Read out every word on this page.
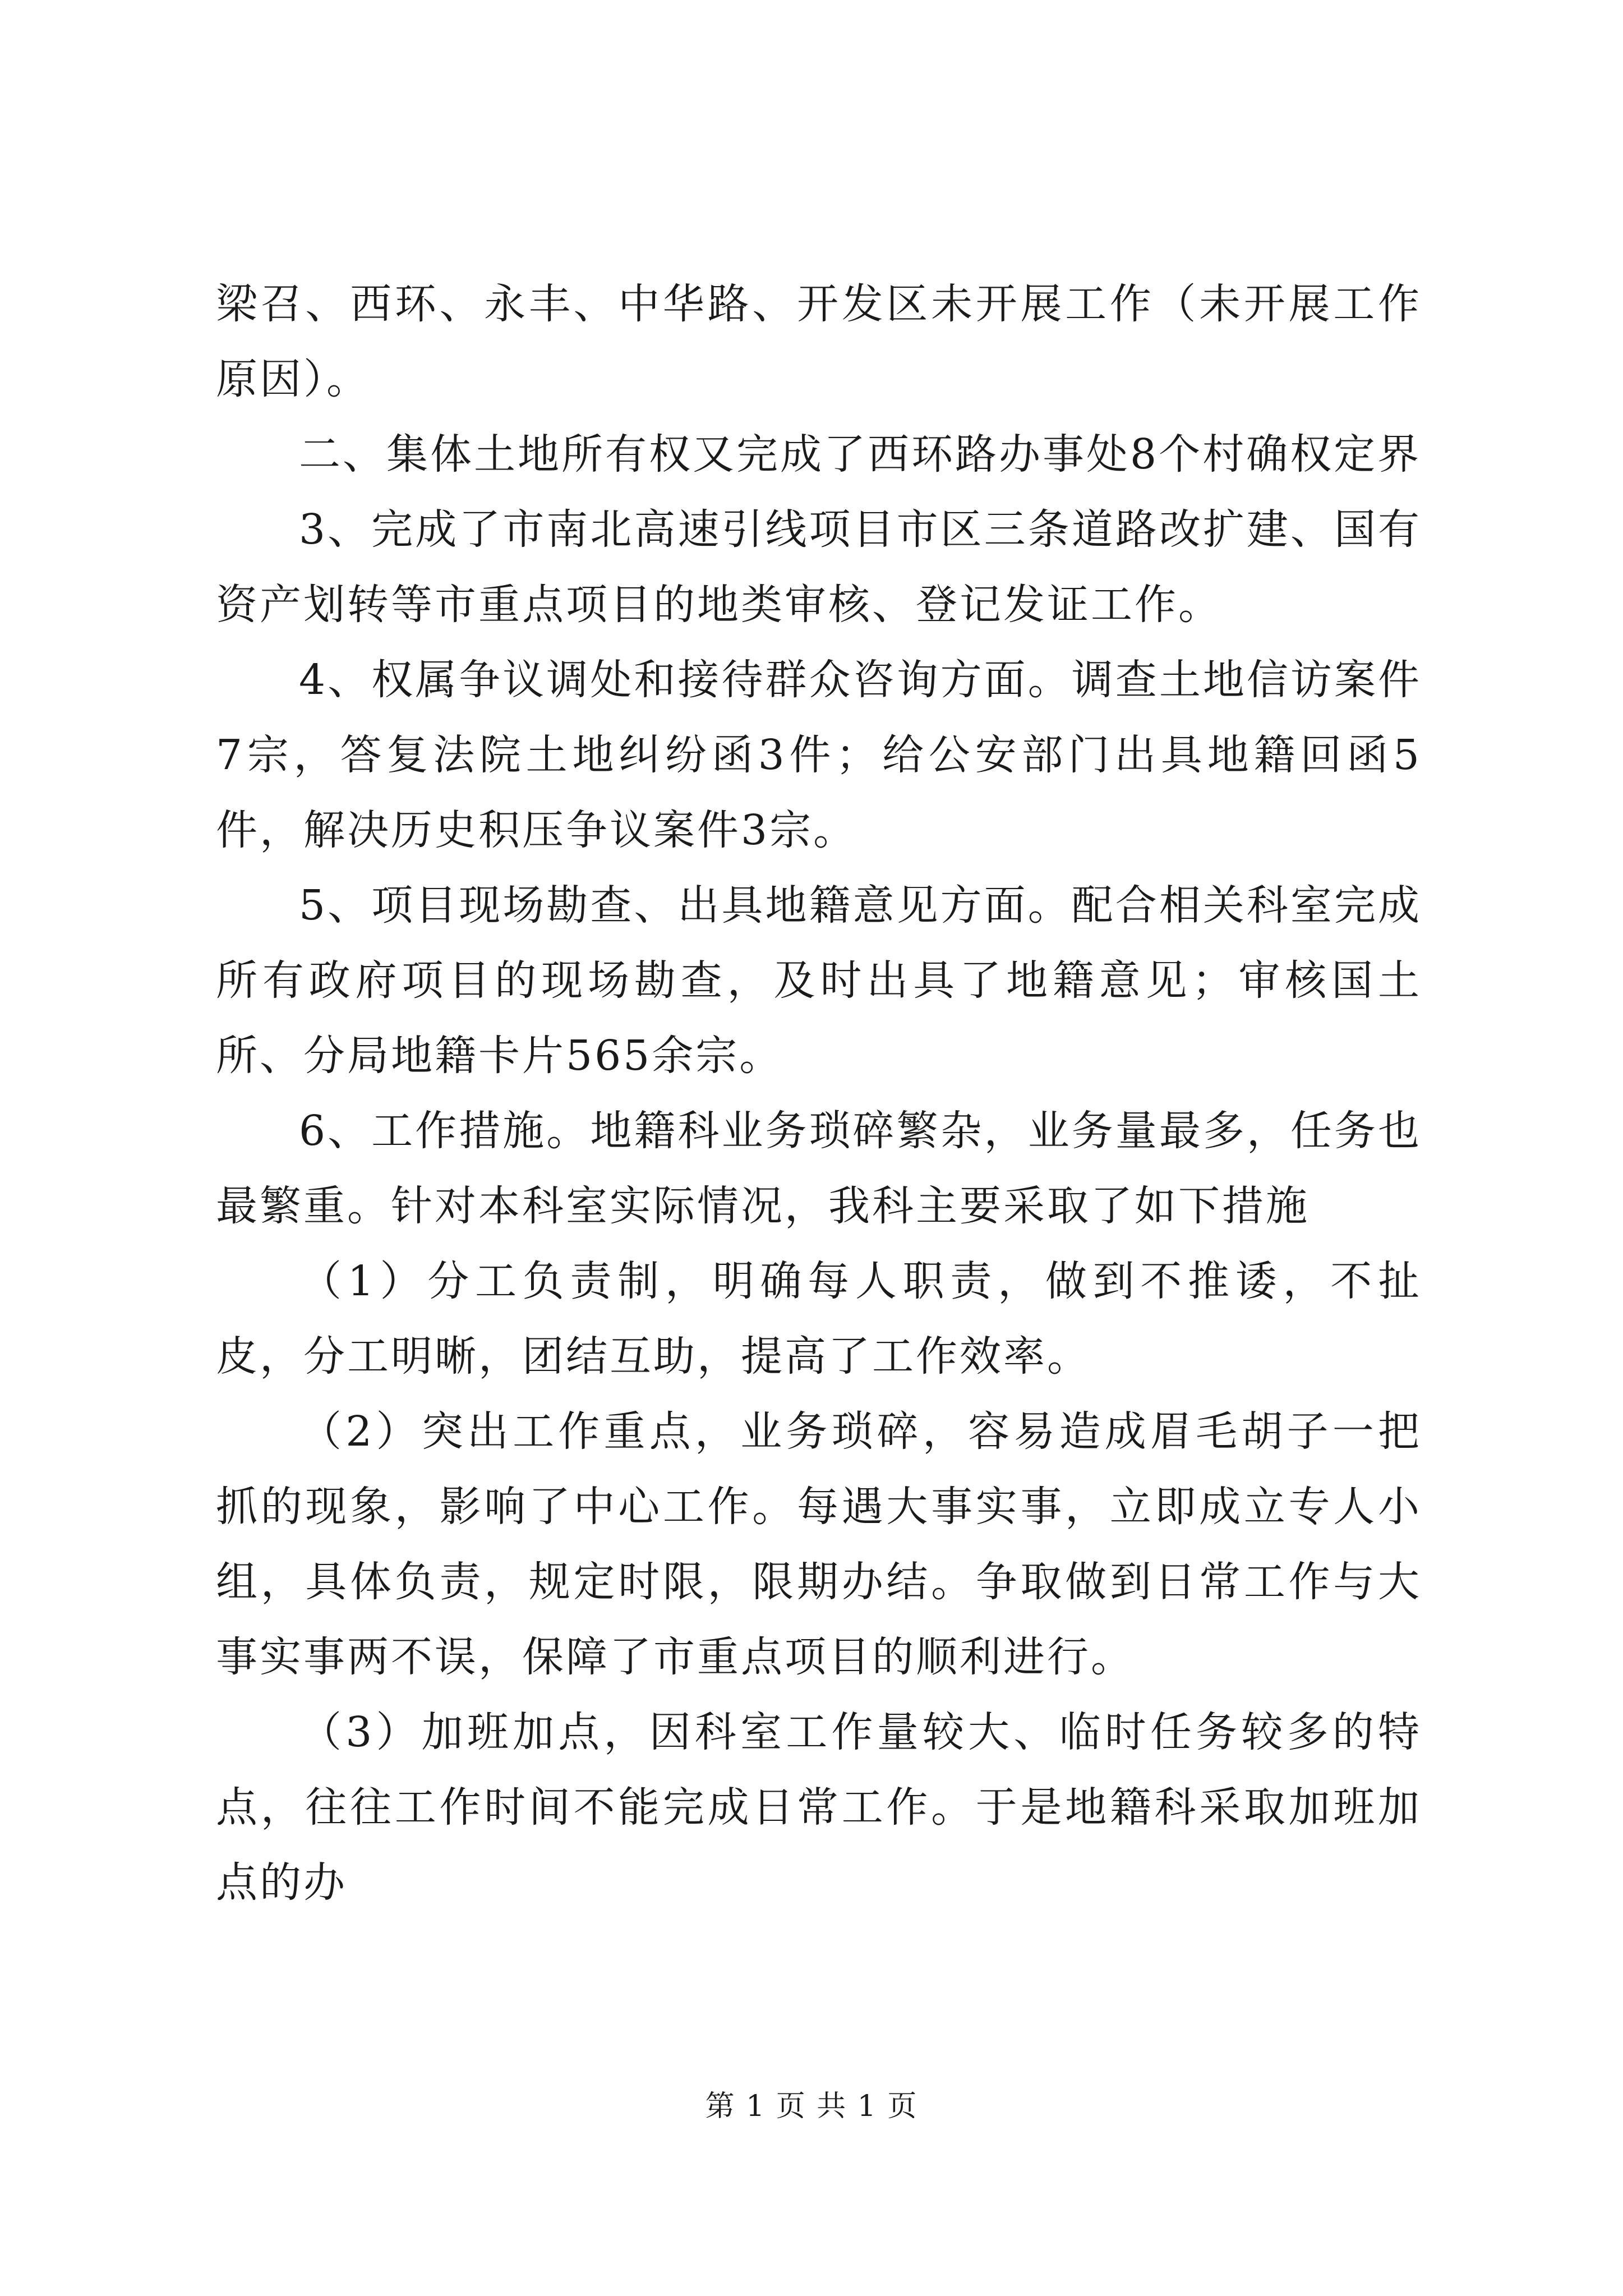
梁召、西环、永丰、中华路、开发区未开展工作（未开展工作原因）。

二、集体土地所有权又完成了西环路办事处8个村确权定界

3、完成了市南北高速引线项目市区三条道路改扩建、国有资产划转等市重点项目的地类审核、登记发证工作。

4、权属争议调处和接待群众咨询方面。调查土地信访案件7宗，答复法院土地纠纷函3件；给公安部门出具地籍回函5件，解决历史积压争议案件3宗。

5、项目现场勘查、出具地籍意见方面。配合相关科室完成所有政府项目的现场勘查，及时出具了地籍意见；审核国土所、分局地籍卡片565余宗。

6、工作措施。地籍科业务琐碎繁杂，业务量最多，任务也最繁重。针对本科室实际情况，我科主要采取了如下措施

（1）分工负责制，明确每人职责，做到不推诿，不扯皮，分工明晰，团结互助，提高了工作效率。

（2）突出工作重点，业务琐碎，容易造成眉毛胡子一把抓的现象，影响了中心工作。每遇大事实事，立即成立专人小组，具体负责，规定时限，限期办结。争取做到日常工作与大事实事两不误，保障了市重点项目的顺利进行。

（3）加班加点，因科室工作量较大、临时任务较多的特点，往往工作时间不能完成日常工作。于是地籍科采取加班加点的办

第 1 页 共 1 页
